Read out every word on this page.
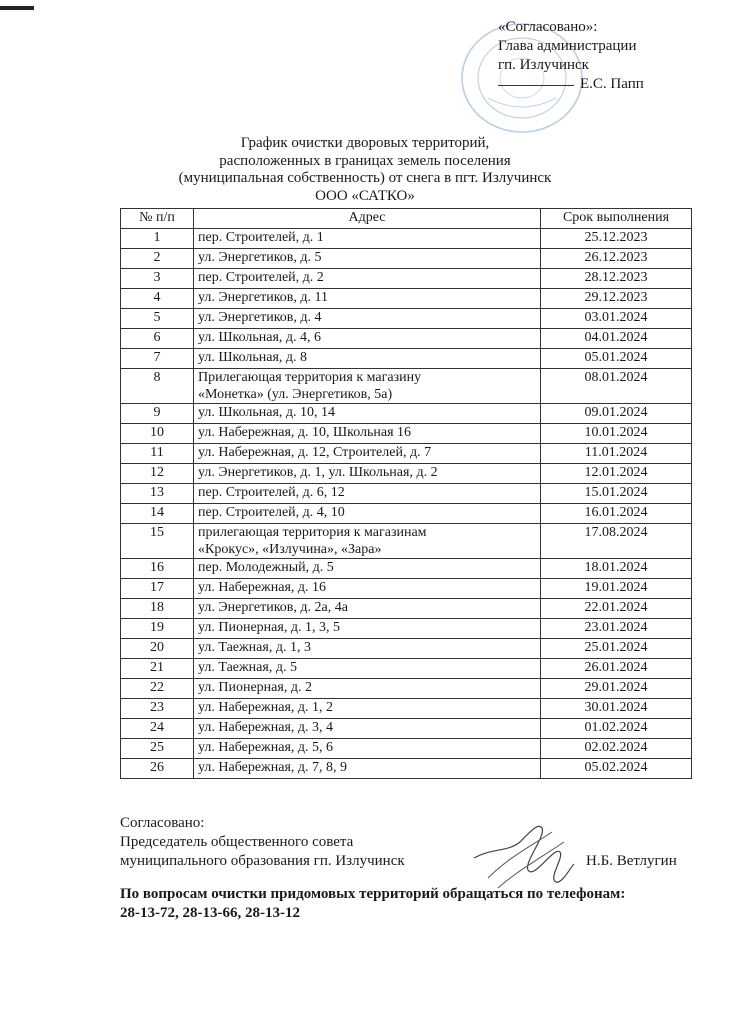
«Согласовано»:
Глава администрации
гп. Излучинск
Е.С. Папп
График очистки дворовых территорий,
расположенных в границах земель поселения
(муниципальная собственность) от снега в пгт. Излучинск
ООО «САТКО»
№ п/п	Адрес	Срок выполнения
1	пер. Строителей, д. 1	25.12.2023
2	ул. Энергетиков, д. 5	26.12.2023
3	пер. Строителей, д. 2	28.12.2023
4	ул. Энергетиков, д. 11	29.12.2023
5	ул. Энергетиков, д. 4	03.01.2024
6	ул. Школьная, д. 4, 6	04.01.2024
7	ул. Школьная, д. 8	05.01.2024
8	Прилегающая территория к магазину
«Монетка» (ул. Энергетиков, 5а)	08.01.2024
9	ул. Школьная, д. 10, 14	09.01.2024
10	ул. Набережная, д. 10, Школьная 16	10.01.2024
11	ул. Набережная, д. 12, Строителей, д. 7	11.01.2024
12	ул. Энергетиков, д. 1, ул. Школьная, д. 2	12.01.2024
13	пер. Строителей, д. 6, 12	15.01.2024
14	пер. Строителей, д. 4, 10	16.01.2024
15	прилегающая территория к магазинам
«Крокус», «Излучина», «Зара»	17.08.2024
16	пер. Молодежный, д. 5	18.01.2024
17	ул. Набережная, д. 16	19.01.2024
18	ул. Энергетиков, д. 2а, 4а	22.01.2024
19	ул. Пионерная, д. 1, 3, 5	23.01.2024
20	ул. Таежная, д. 1, 3	25.01.2024
21	ул. Таежная, д. 5	26.01.2024
22	ул. Пионерная, д. 2	29.01.2024
23	ул. Набережная, д. 1, 2	30.01.2024
24	ул. Набережная, д. 3, 4	01.02.2024
25	ул. Набережная, д. 5, 6	02.02.2024
26	ул. Набережная, д. 7, 8, 9	05.02.2024
Согласовано:
Председатель общественного совета
муниципального образования гп. Излучинск	Н.Б. Ветлугин
По вопросам очистки придомовых территорий обращаться по телефонам:
28-13-72, 28-13-66, 28-13-12
